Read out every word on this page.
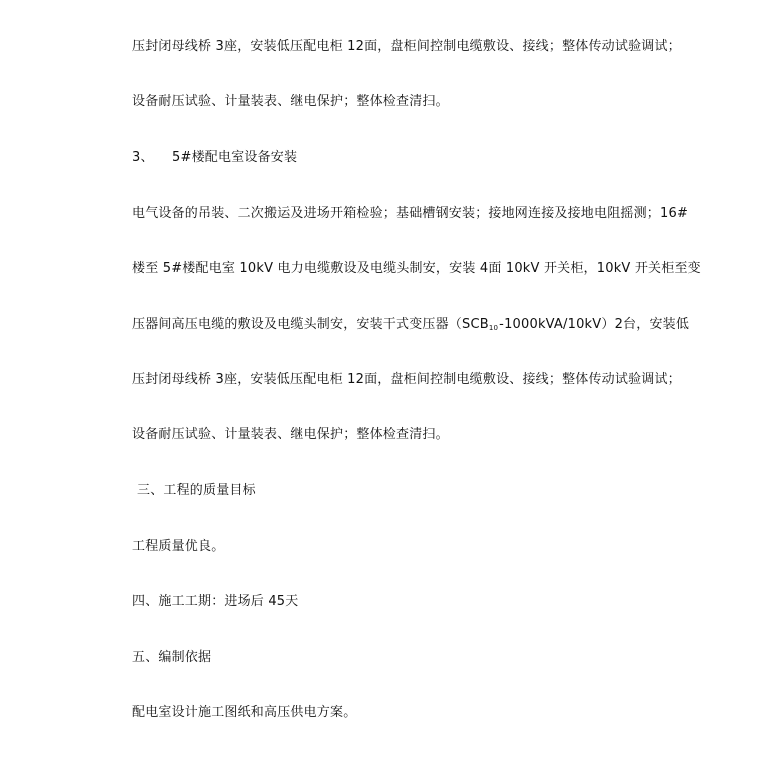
压封闭母线桥 3座，安装低压配电柜 12面，盘柜间控制电缆敷设、接线；整体传动试验调试；
设备耐压试验、计量装表、继电保护；整体检查清扫。
3、 5#楼配电室设备安装
电气设备的吊装、二次搬运及进场开箱检验；基础槽钢安装；接地网连接及接地电阻摇测；16#
楼至 5#楼配电室 10kV 电力电缆敷设及电缆头制安，安装 4面 10kV 开关柜，10kV 开关柜至变
压器间高压电缆的敷设及电缆头制安，安装干式变压器$(SCB_{10}-1000kVA/10kV)2$台，安装低
压封闭母线桥 3座，安装低压配电柜 12面，盘柜间控制电缆敷设、接线；整体传动试验调试；
设备耐压试验、计量装表、继电保护；整体检查清扫。
三、工程的质量目标
工程质量优良。
四、施工工期：进场后 45天
五、编制依据
配电室设计施工图纸和高压供电方案。
